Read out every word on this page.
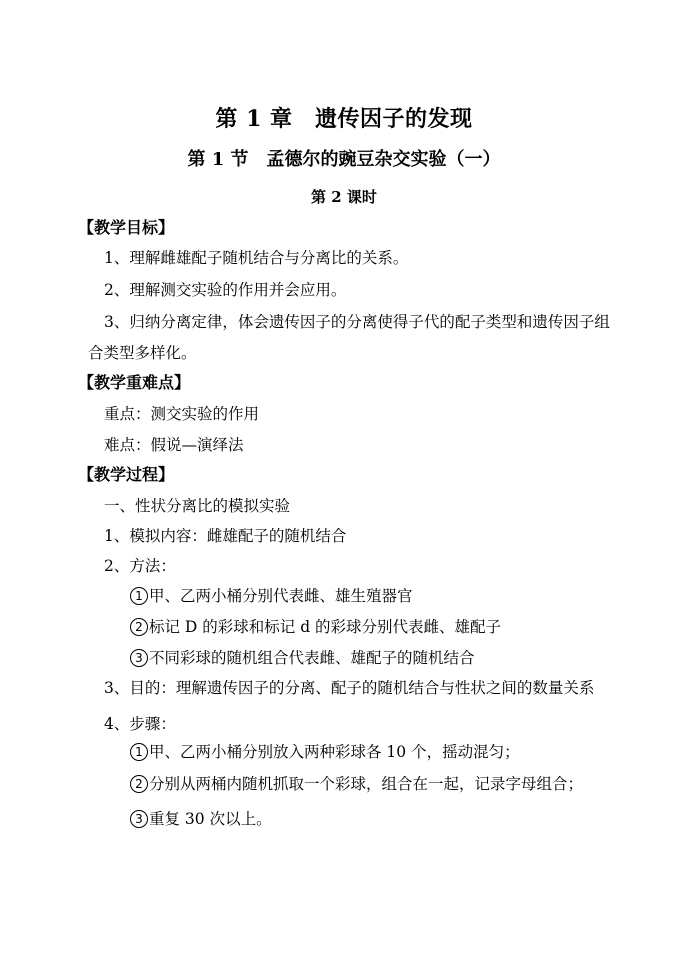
第 1 章　遗传因子的发现
第 1 节　孟德尔的豌豆杂交实验（一）
第 2 课时
【教学目标】
1、理解雌雄配子随机结合与分离比的关系。
2、理解测交实验的作用并会应用。
3、归纳分离定律，体会遗传因子的分离使得子代的配子类型和遗传因子组
合类型多样化。
【教学重难点】
重点：测交实验的作用
难点：假说—演绎法
【教学过程】
一、性状分离比的模拟实验
1、模拟内容：雌雄配子的随机结合
2、方法：
1 甲、乙两小桶分别代表雌、雄生殖器官
2 标记 D 的彩球和标记 d 的彩球分别代表雌、雄配子
3 不同彩球的随机组合代表雌、雄配子的随机结合
3、目的：理解遗传因子的分离、配子的随机结合与性状之间的数量关系
4、步骤：
1 甲、乙两小桶分别放入两种彩球各 10 个，摇动混匀；
2 分别从两桶内随机抓取一个彩球，组合在一起，记录字母组合；
3 重复 30 次以上。
